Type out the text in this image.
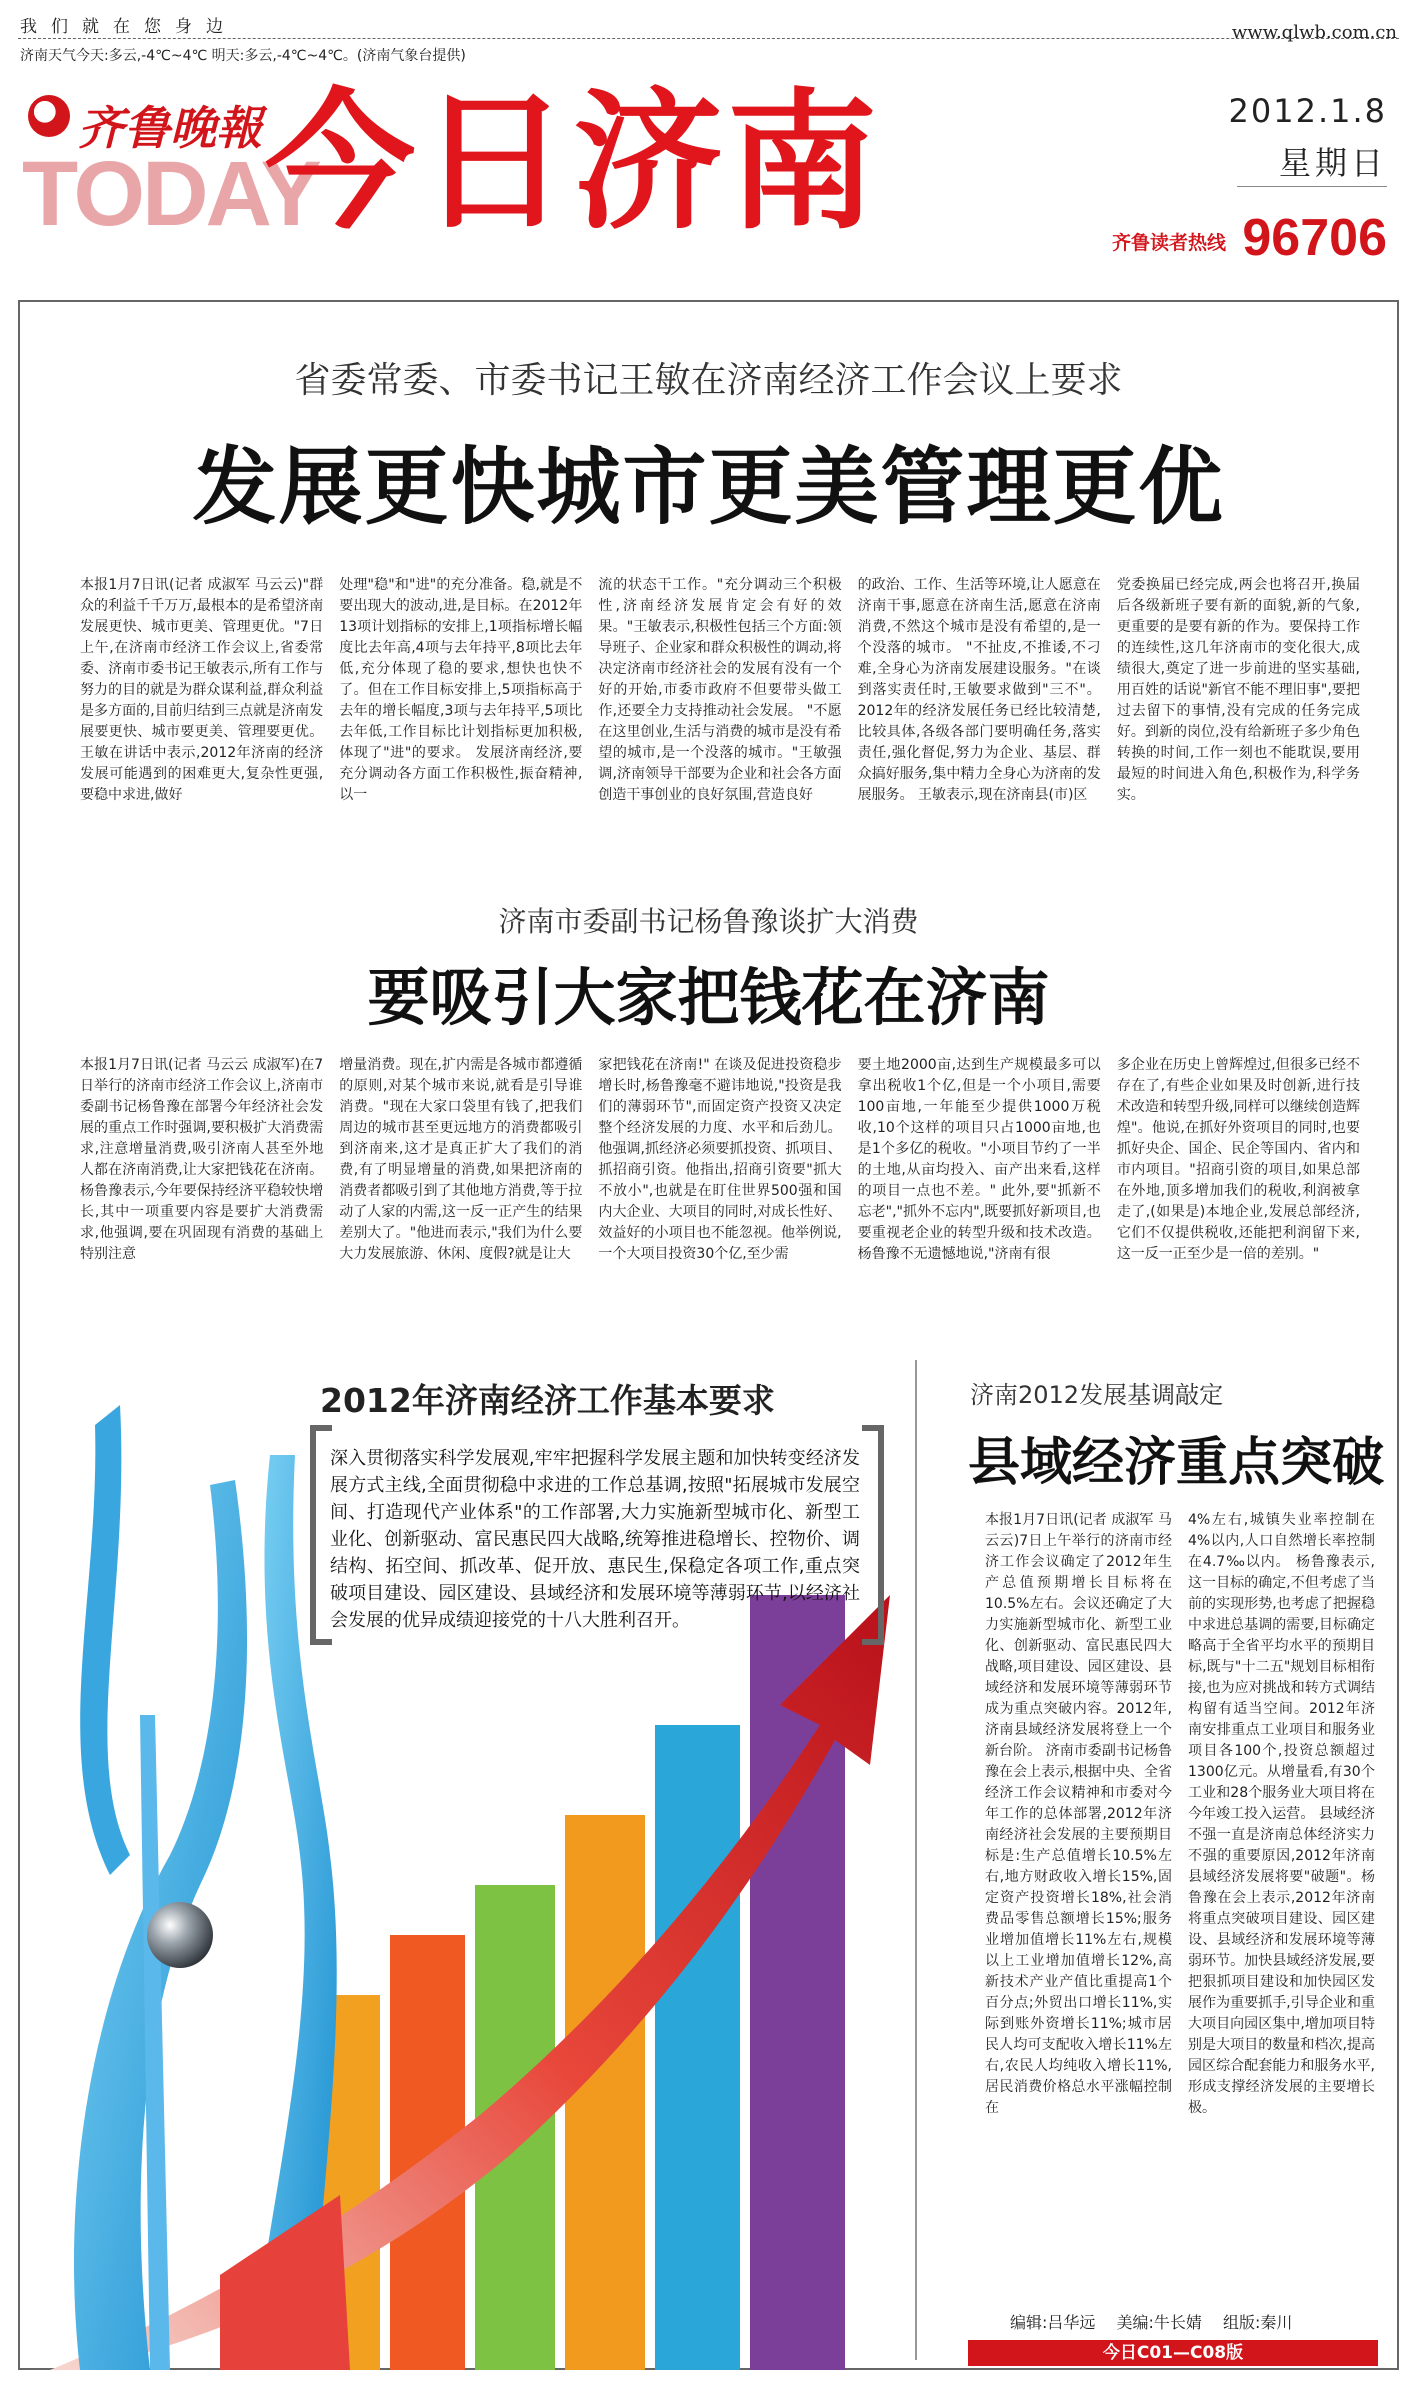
我们就在您身边	www.qlwb.com.cn
济南天气今天:多云,-4℃~4℃ 明天:多云,-4℃~4℃。(济南气象台提供)
齐鲁晚報
TODAY
今日济南	2012.1.8
星期日
齐鲁读者热线 96706
省委常委、市委书记王敏在济南经济工作会议上要求
发展更快城市更美管理更优
本报1月7日讯(记者 成淑军 马云云)"群众的利益千千万万,最根本的是希望济南发展更快、城市更美、管理更优。"7日上午,在济南市经济工作会议上,省委常委、济南市委书记王敏表示,所有工作与努力的目的就是为群众谋利益,群众利益是多方面的,目前归结到三点就是济南发展要更快、城市要更美、管理要更优。 王敏在讲话中表示,2012年济南的经济发展可能遇到的困难更大,复杂性更强,要稳中求进,做好
处理"稳"和"进"的充分准备。稳,就是不要出现大的波动,进,是目标。在2012年13项计划指标的安排上,1项指标增长幅度比去年高,4项与去年持平,8项比去年低,充分体现了稳的要求,想快也快不了。但在工作目标安排上,5项指标高于去年的增长幅度,3项与去年持平,5项比去年低,工作目标比计划指标更加积极,体现了"进"的要求。 发展济南经济,要充分调动各方面工作积极性,振奋精神,以一
流的状态干工作。"充分调动三个积极性,济南经济发展肯定会有好的效果。"王敏表示,积极性包括三个方面:领导班子、企业家和群众积极性的调动,将决定济南市经济社会的发展有没有一个好的开始,市委市政府不但要带头做工作,还要全力支持推动社会发展。 "不愿在这里创业,生活与消费的城市是没有希望的城市,是一个没落的城市。"王敏强调,济南领导干部要为企业和社会各方面创造干事创业的良好氛围,营造良好
的政治、工作、生活等环境,让人愿意在济南干事,愿意在济南生活,愿意在济南消费,不然这个城市是没有希望的,是一个没落的城市。 "不扯皮,不推诿,不刁难,全身心为济南发展建设服务。"在谈到落实责任时,王敏要求做到"三不"。2012年的经济发展任务已经比较清楚,比较具体,各级各部门要明确任务,落实责任,强化督促,努力为企业、基层、群众搞好服务,集中精力全身心为济南的发展服务。 王敏表示,现在济南县(市)区
党委换届已经完成,两会也将召开,换届后各级新班子要有新的面貌,新的气象,更重要的是要有新的作为。要保持工作的连续性,这几年济南市的变化很大,成绩很大,奠定了进一步前进的坚实基础,用百姓的话说"新官不能不理旧事",要把过去留下的事情,没有完成的任务完成好。到新的岗位,没有给新班子多少角色转换的时间,工作一刻也不能耽误,要用最短的时间进入角色,积极作为,科学务实。
济南市委副书记杨鲁豫谈扩大消费
要吸引大家把钱花在济南
本报1月7日讯(记者 马云云 成淑军)在7日举行的济南市经济工作会议上,济南市委副书记杨鲁豫在部署今年经济社会发展的重点工作时强调,要积极扩大消费需求,注意增量消费,吸引济南人甚至外地人都在济南消费,让大家把钱花在济南。 杨鲁豫表示,今年要保持经济平稳较快增长,其中一项重要内容是要扩大消费需求,他强调,要在巩固现有消费的基础上特别注意
增量消费。现在,扩内需是各城市都遵循的原则,对某个城市来说,就看是引导谁消费。"现在大家口袋里有钱了,把我们周边的城市甚至更远地方的消费都吸引到济南来,这才是真正扩大了我们的消费,有了明显增量的消费,如果把济南的消费者都吸引到了其他地方消费,等于拉动了人家的内需,这一反一正产生的结果差别大了。"他进而表示,"我们为什么要大力发展旅游、休闲、度假?就是让大
家把钱花在济南!" 在谈及促进投资稳步增长时,杨鲁豫毫不避讳地说,"投资是我们的薄弱环节",而固定资产投资又决定整个经济发展的力度、水平和后劲儿。他强调,抓经济必须要抓投资、抓项目、抓招商引资。他指出,招商引资要"抓大不放小",也就是在盯住世界500强和国内大企业、大项目的同时,对成长性好、效益好的小项目也不能忽视。他举例说,一个大项目投资30个亿,至少需
要土地2000亩,达到生产规模最多可以拿出税收1个亿,但是一个小项目,需要100亩地,一年能至少提供1000万税收,10个这样的项目只占1000亩地,也是1个多亿的税收。"小项目节约了一半的土地,从亩均投入、亩产出来看,这样的项目一点也不差。" 此外,要"抓新不忘老","抓外不忘内",既要抓好新项目,也要重视老企业的转型升级和技术改造。杨鲁豫不无遗憾地说,"济南有很
多企业在历史上曾辉煌过,但很多已经不存在了,有些企业如果及时创新,进行技术改造和转型升级,同样可以继续创造辉煌"。他说,在抓好外资项目的同时,也要抓好央企、国企、民企等国内、省内和市内项目。"招商引资的项目,如果总部在外地,顶多增加我们的税收,利润被拿走了,(如果是)本地企业,发展总部经济,它们不仅提供税收,还能把利润留下来,这一反一正至少是一倍的差别。"
2012年济南经济工作基本要求
深入贯彻落实科学发展观,牢牢把握科学发展主题和加快转变经济发展方式主线,全面贯彻稳中求进的工作总基调,按照"拓展城市发展空间、打造现代产业体系"的工作部署,大力实施新型城市化、新型工业化、创新驱动、富民惠民四大战略,统筹推进稳增长、控物价、调结构、拓空间、抓改革、促开放、惠民生,保稳定各项工作,重点突破项目建设、园区建设、县域经济和发展环境等薄弱环节,以经济社会发展的优异成绩迎接党的十八大胜利召开。
济南2012发展基调敲定
县域经济重点突破
本报1月7日讯(记者 成淑军 马云云)7日上午举行的济南市经济工作会议确定了2012年生产总值预期增长目标将在10.5%左右。会议还确定了大力实施新型城市化、新型工业化、创新驱动、富民惠民四大战略,项目建设、园区建设、县域经济和发展环境等薄弱环节成为重点突破内容。2012年,济南县域经济发展将登上一个新台阶。 济南市委副书记杨鲁豫在会上表示,根据中央、全省经济工作会议精神和市委对今年工作的总体部署,2012年济南经济社会发展的主要预期目标是:生产总值增长10.5%左右,地方财政收入增长15%,固定资产投资增长18%,社会消费品零售总额增长15%;服务业增加值增长11%左右,规模以上工业增加值增长12%,高新技术产业产值比重提高1个百分点;外贸出口增长11%,实际到账外资增长11%;城市居民人均可支配收入增长11%左右,农民人均纯收入增长11%,居民消费价格总水平涨幅控制在
4%左右,城镇失业率控制在4%以内,人口自然增长率控制在4.7‰以内。 杨鲁豫表示,这一目标的确定,不但考虑了当前的实现形势,也考虑了把握稳中求进总基调的需要,目标确定略高于全省平均水平的预期目标,既与"十二五"规划目标相衔接,也为应对挑战和转方式调结构留有适当空间。2012年济南安排重点工业项目和服务业项目各100个,投资总额超过1300亿元。从增量看,有30个工业和28个服务业大项目将在今年竣工投入运营。 县域经济不强一直是济南总体经济实力不强的重要原因,2012年济南县域经济发展将要"破题"。杨鲁豫在会上表示,2012年济南将重点突破项目建设、园区建设、县域经济和发展环境等薄弱环节。加快县域经济发展,要把狠抓项目建设和加快园区发展作为重要抓手,引导企业和重大项目向园区集中,增加项目特别是大项目的数量和档次,提高园区综合配套能力和服务水平,形成支撑经济发展的主要增长极。
编辑:吕华远 美编:牛长婧 组版:秦川
今日C01—C08版
